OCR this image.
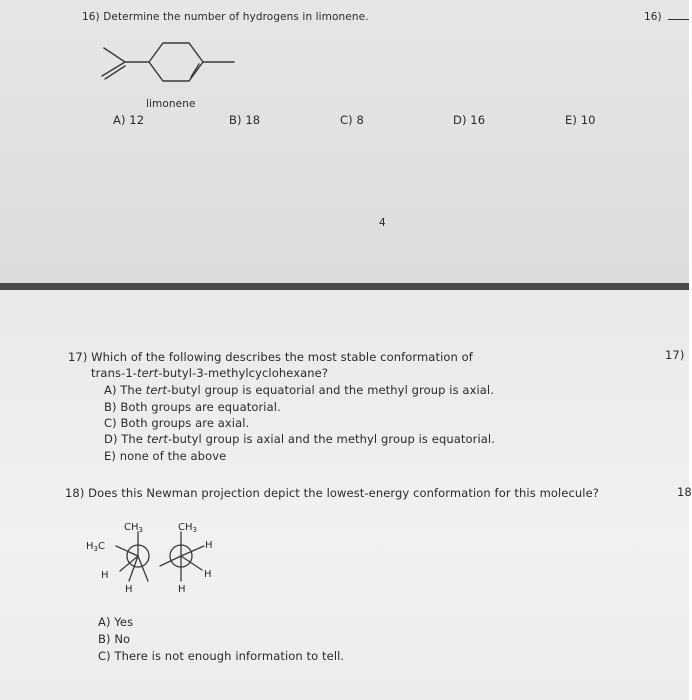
16) Determine the number of hydrogens in limonene.	16)
limonene
A) 12	B) 18	C) 8	D) 16	E) 10
4
17)
17) Which of the following describes the most stable conformation of
trans-1-tert-butyl-3-methylcyclohexane?
A) The tert-butyl group is equatorial and the methyl group is axial.
B) Both groups are equatorial.
C) Both groups are axial.
D) The tert-butyl group is axial and the methyl group is equatorial.
E) none of the above
18
18) Does this Newman projection depict the lowest-energy conformation for this molecule?
$CH_3$	$CH_3$
$H_3C$	H
H	H
H	H
A) Yes
B) No
C) There is not enough information to tell.
